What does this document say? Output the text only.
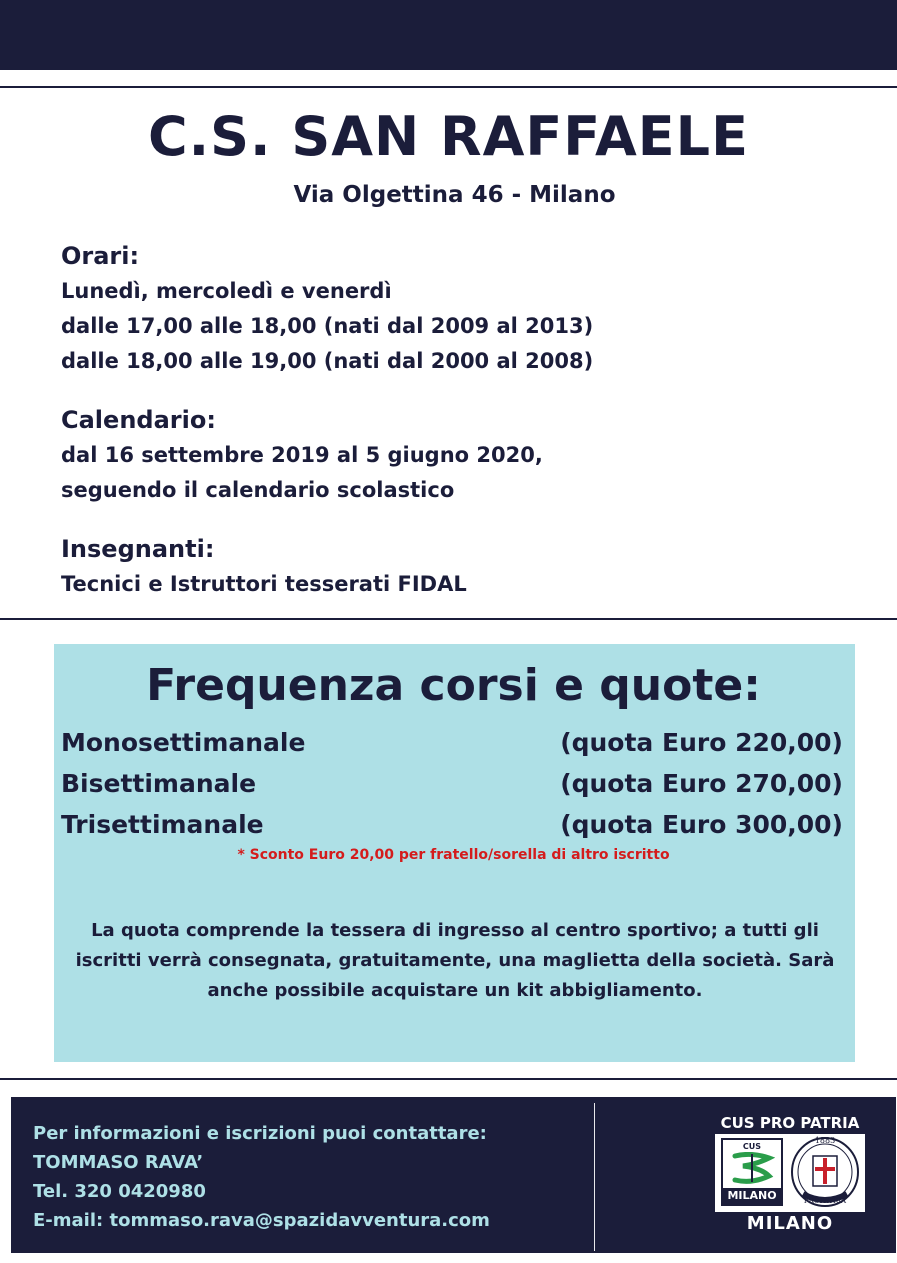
C.S. SAN RAFFAELE
Via Olgettina 46 - Milano
Orari:
Lunedì, mercoledì e venerdì
dalle 17,00 alle 18,00 (nati dal 2009 al 2013)
dalle 18,00 alle 19,00 (nati dal 2000 al 2008)
Calendario:
dal 16 settembre 2019 al 5 giugno 2020,
seguendo il calendario scolastico
Insegnanti:
Tecnici e Istruttori tesserati FIDAL
Frequenza corsi e quote:
Monosettimanale	(quota Euro 220,00)
Bisettimanale	(quota Euro 270,00)
Trisettimanale	(quota Euro 300,00)
* Sconto Euro 20,00 per fratello/sorella di altro iscritto
La quota comprende la tessera di ingresso al centro sportivo; a tutti gli iscritti verrà consegnata, gratuitamente, una maglietta della società. Sarà anche possibile acquistare un kit abbigliamento.
Per informazioni e iscrizioni puoi contattare:
TOMMASO RAVA’
Tel. 320 0420980
E-mail: tommaso.rava@spazidavventura.com
CUS PRO PATRIA
CUS
MILANO
1883
PROPATRIA
MILANO
